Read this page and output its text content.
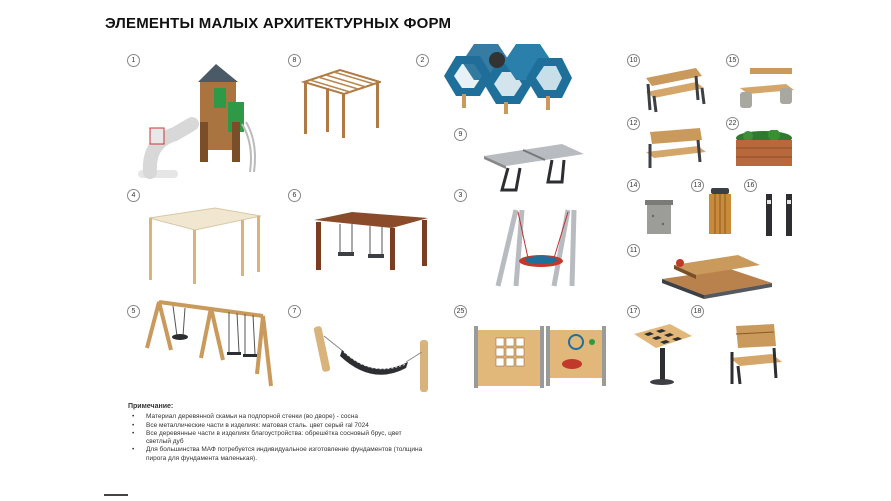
ЭЛЕМЕНТЫ МАЛЫХ АРХИТЕКТУРНЫХ ФОРМ
1	8	2	10	15
12	22
9
4	6	3
14	13	16
11
5	7	25	17	18
Примечание:
• Материал деревянной скамьи на подпорной стенки (во дворе) - сосна
• Все металлические части в изделиях: матовая сталь. цвет серый ral 7024
• Все деревянные части в изделиях благоустройства: обрешётка сосновый брус, цвет светлый дуб
• Для большинства МАФ потребуется индивидуальное изготовление фундаментов (толщина пирога для фундамента маленькая).
